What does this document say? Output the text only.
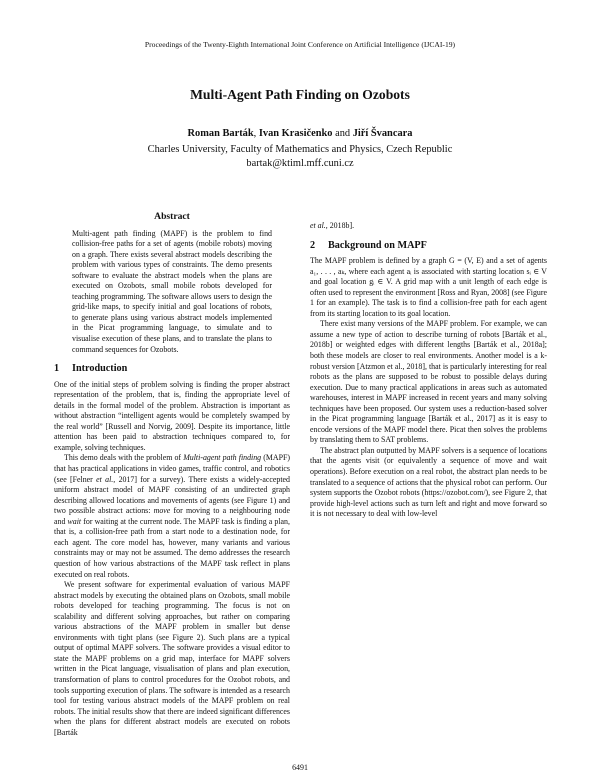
Proceedings of the Twenty-Eighth International Joint Conference on Artificial Intelligence (IJCAI-19)
Multi-Agent Path Finding on Ozobots
Roman Barták, Ivan Krasičenko and Jiří Švancara
Charles University, Faculty of Mathematics and Physics, Czech Republic
bartak@ktiml.mff.cuni.cz
Abstract

Multi-agent path finding (MAPF) is the problem to find collision-free paths for a set of agents (mobile robots) moving on a graph. There exists several abstract models describing the problem with various types of constraints. The demo presents software to evaluate the abstract models when the plans are executed on Ozobots, small mobile robots developed for teaching programming. The software allows users to design the grid-like maps, to specify initial and goal locations of robots, to generate plans using various abstract models implemented in the Picat programming language, to simulate and to visualise execution of these plans, and to translate the plans to command sequences for Ozobots.

1 Introduction

One of the initial steps of problem solving is finding the proper abstract representation of the problem, that is, finding the appropriate level of details in the formal model of the problem. Abstraction is important as without abstraction “intelligent agents would be completely swamped by the real world” [Russell and Norvig, 2009]. Despite its importance, little attention has been paid to abstraction techniques compared to, for example, solving techniques.

This demo deals with the problem of Multi-agent path finding (MAPF) that has practical applications in video games, traffic control, and robotics (see [Felner et al., 2017] for a survey). There exists a widely-accepted uniform abstract model of MAPF consisting of an undirected graph describing allowed locations and movements of agents (see Figure 1) and two possible abstract actions: move for moving to a neighbouring node and wait for waiting at the current node. The MAPF task is finding a plan, that is, a collision-free path from a start node to a destination node, for each agent. The core model has, however, many variants and various constraints may or may not be assumed. The demo addresses the research question of how various abstractions of the MAPF task reflect in plans executed on real robots.

We present software for experimental evaluation of various MAPF abstract models by executing the obtained plans on Ozobots, small mobile robots developed for teaching programming. The focus is not on scalability and different solving approaches, but rather on comparing various abstractions of the MAPF problem in smaller but dense environments with tight plans (see Figure 2). Such plans are a typical output of optimal MAPF solvers. The software provides a visual editor to state the MAPF problems on a grid map, interface for MAPF solvers written in the Picat language, visualisation of plans and plan execution, transformation of plans to control procedures for the Ozobot robots, and tools supporting execution of plans. The software is intended as a research tool for testing various abstract models of the MAPF problem on real robots. The initial results show that there are indeed significant differences when the plans for different abstract models are executed on robots [Barták

et al., 2018b].

2 Background on MAPF

The MAPF problem is defined by a graph G = (V, E) and a set of agents a₁, . . . , aₖ, where each agent aᵢ is associated with starting location sᵢ ∈ V and goal location gᵢ ∈ V. A grid map with a unit length of each edge is often used to represent the environment [Ross and Ryan, 2008] (see Figure 1 for an example). The task is to find a collision-free path for each agent from its starting location to its goal location.

There exist many versions of the MAPF problem. For example, we can assume a new type of action to describe turning of robots [Barták et al., 2018b] or weighted edges with different lengths [Barták et al., 2018a]; both these models are closer to real environments. Another model is a k-robust version [Atzmon et al., 2018], that is particularly interesting for real robots as the plans are supposed to be robust to possible delays during execution. Due to many practical applications in areas such as automated warehouses, interest in MAPF increased in recent years and many solving techniques have been proposed. Our system uses a reduction-based solver in the Picat programming language [Barták et al., 2017] as it is easy to encode versions of the MAPF model there. Picat then solves the problems by translating them to SAT problems.

The abstract plan outputted by MAPF solvers is a sequence of locations that the agents visit (or equivalently a sequence of move and wait operations). Before execution on a real robot, the abstract plan needs to be translated to a sequence of actions that the physical robot can perform. Our system supports the Ozobot robots (https://ozobot.com/), see Figure 2, that provide high-level actions such as turn left and right and move forward so it is not necessary to deal with low-level

6491
